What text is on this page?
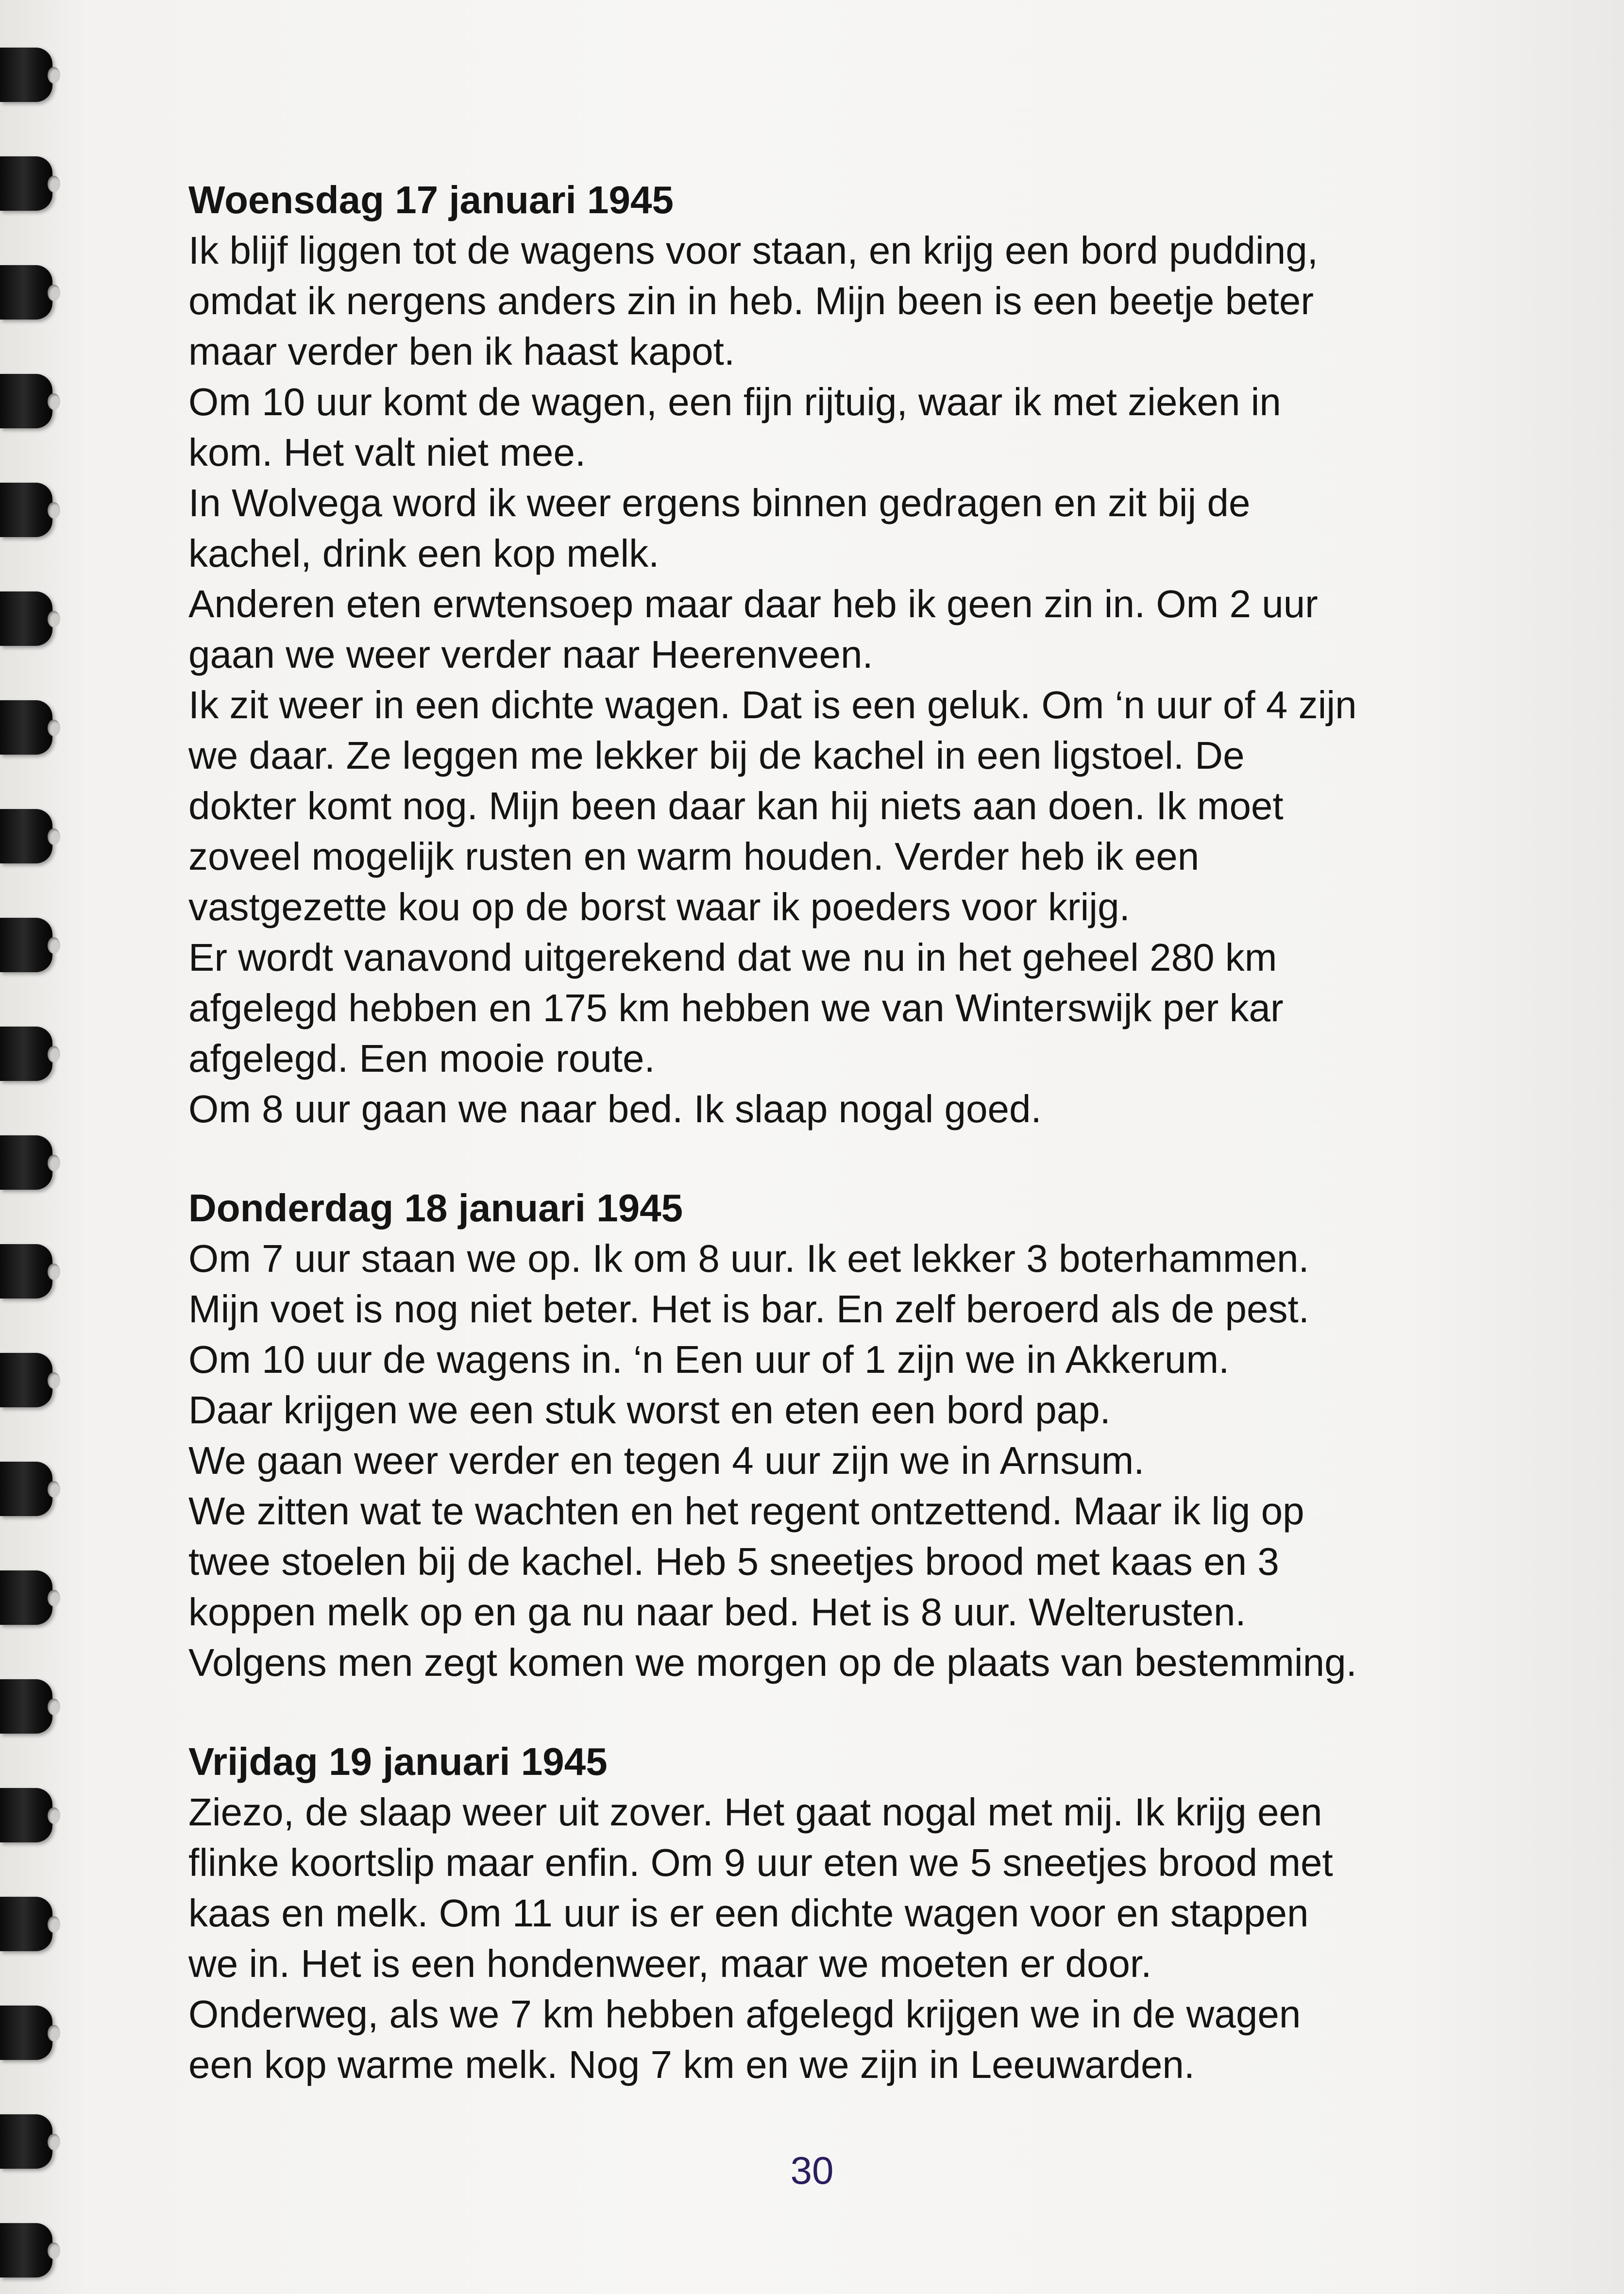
Woensdag 17 januari 1945

Ik blijf liggen tot de wagens voor staan, en krijg een bord pudding,

omdat ik nergens anders zin in heb. Mijn been is een beetje beter

maar verder ben ik haast kapot.

Om 10 uur komt de wagen, een fijn rijtuig, waar ik met zieken in

kom. Het valt niet mee.

In Wolvega word ik weer ergens binnen gedragen en zit bij de

kachel, drink een kop melk.

Anderen eten erwtensoep maar daar heb ik geen zin in. Om 2 uur

gaan we weer verder naar Heerenveen.

Ik zit weer in een dichte wagen. Dat is een geluk. Om ‘n uur of 4 zijn

we daar. Ze leggen me lekker bij de kachel in een ligstoel. De

dokter komt nog. Mijn been daar kan hij niets aan doen. Ik moet

zoveel mogelijk rusten en warm houden. Verder heb ik een

vastgezette kou op de borst waar ik poeders voor krijg.

Er wordt vanavond uitgerekend dat we nu in het geheel 280 km

afgelegd hebben en 175 km hebben we van Winterswijk per kar

afgelegd. Een mooie route.

Om 8 uur gaan we naar bed. Ik slaap nogal goed.

Donderdag 18 januari 1945

Om 7 uur staan we op. Ik om 8 uur. Ik eet lekker 3 boterhammen.

Mijn voet is nog niet beter. Het is bar. En zelf beroerd als de pest.

Om 10 uur de wagens in. ‘n Een uur of 1 zijn we in Akkerum.

Daar krijgen we een stuk worst en eten een bord pap.

We gaan weer verder en tegen 4 uur zijn we in Arnsum.

We zitten wat te wachten en het regent ontzettend. Maar ik lig op

twee stoelen bij de kachel. Heb 5 sneetjes brood met kaas en 3

koppen melk op en ga nu naar bed. Het is 8 uur. Welterusten.

Volgens men zegt komen we morgen op de plaats van bestemming.

Vrijdag 19 januari 1945

Ziezo, de slaap weer uit zover. Het gaat nogal met mij. Ik krijg een

flinke koortslip maar enfin. Om 9 uur eten we 5 sneetjes brood met

kaas en melk. Om 11 uur is er een dichte wagen voor en stappen

we in. Het is een hondenweer, maar we moeten er door.

Onderweg, als we 7 km hebben afgelegd krijgen we in de wagen

een kop warme melk. Nog 7 km en we zijn in Leeuwarden.

30
